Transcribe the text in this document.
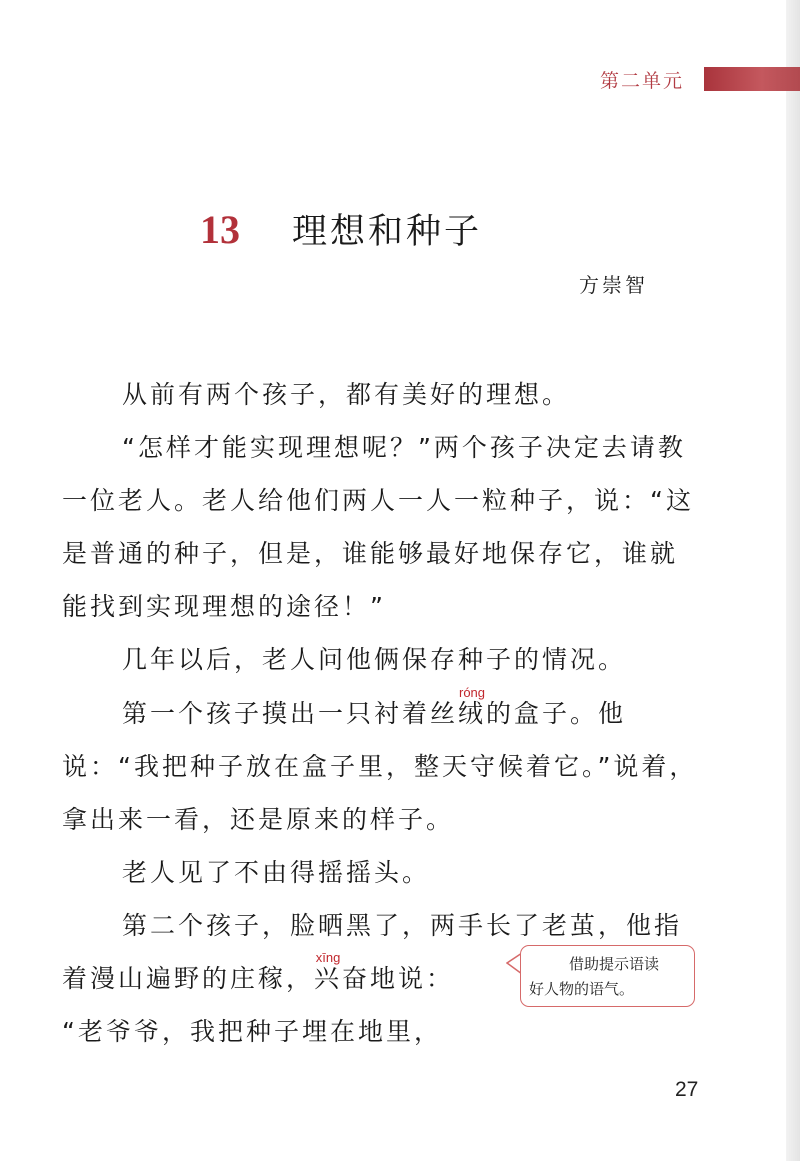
第二单元
13	理想和种子
方崇智

从前有两个孩子，都有美好的理想。

“怎样才能实现理想呢？”两个孩子决定去请教一位老人。老人给他们两人一人一粒种子，说：“这是普通的种子，但是，谁能够最好地保存它，谁就能找到实现理想的途径！”

几年以后，老人问他俩保存种子的情况。

第一个孩子摸出一只衬着丝绒róng的盒子。他说：“我把种子放在盒子里，整天守候着它。”说着，拿出来一看，还是原来的样子。

老人见了不由得摇摇头。

第二个孩子，脸晒黑了，两手长了老茧，他指着漫山遍野的庄稼，兴xīng奋地说：

“老爷爷，我把种子埋在地里，

借助提示语读
好人物的语气。
27
